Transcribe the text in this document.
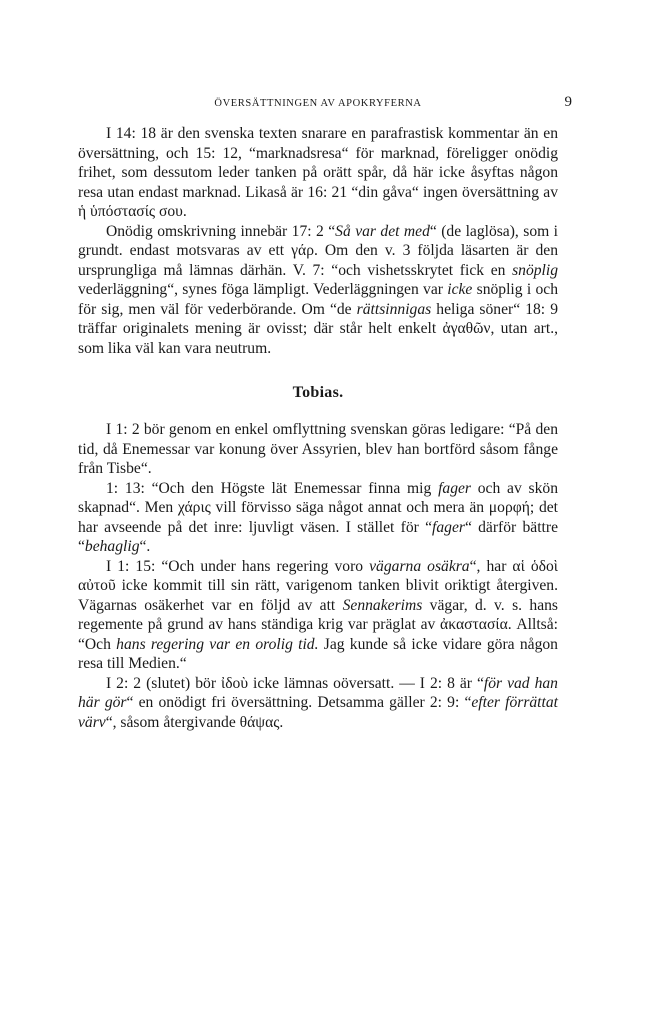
ÖVERSÄTTNINGEN AV APOKRYFERNA	9

I 14: 18 är den svenska texten snarare en parafrastisk kommentar än en översättning, och 15: 12, “marknadsresa“ för marknad, föreligger onödig frihet, som dessutom leder tanken på orätt spår, då här icke åsyftas någon resa utan endast marknad. Likaså är 16: 21 “din gåva“ ingen översättning av ἡ ὑπόστασίς σου.

Onödig omskrivning innebär 17: 2 “Så var det med“ (de laglösa), som i grundt. endast motsvaras av ett γάρ. Om den v. 3 följda läsarten är den ursprungliga må lämnas därhän. V. 7: “och vishetsskrytet fick en snöplig vederläggning“, synes föga lämpligt. Vederläggningen var icke snöplig i och för sig, men väl för vederbörande. Om “de rättsinnigas heliga söner“ 18: 9 träffar originalets mening är ovisst; där står helt enkelt ἀγαθῶν, utan art., som lika väl kan vara neutrum.

Tobias.

I 1: 2 bör genom en enkel omflyttning svenskan göras ledigare: “På den tid, då Enemessar var konung över Assyrien, blev han bortförd såsom fånge från Tisbe“.

1: 13: “Och den Högste lät Enemessar finna mig fager och av skön skapnad“. Men χάρις vill förvisso säga något annat och mera än μορφή; det har avseende på det inre: ljuvligt väsen. I stället för “fager“ därför bättre “behaglig“.

I 1: 15: “Och under hans regering voro vägarna osäkra“, har αἱ ὁδοὶ αὐτοῦ icke kommit till sin rätt, varigenom tanken blivit oriktigt återgiven. Vägarnas osäkerhet var en följd av att Sennakerims vägar, d. v. s. hans regemente på grund av hans ständiga krig var präglat av ἀκαστασία. Alltså: “Och hans regering var en orolig tid. Jag kunde så icke vidare göra någon resa till Medien.“

I 2: 2 (slutet) bör ἰδοὺ icke lämnas oöversatt. — I 2: 8 är “för vad han här gör“ en onödigt fri översättning. Detsamma gäller 2: 9: “efter förrättat värv“, såsom återgivande θάψας.
